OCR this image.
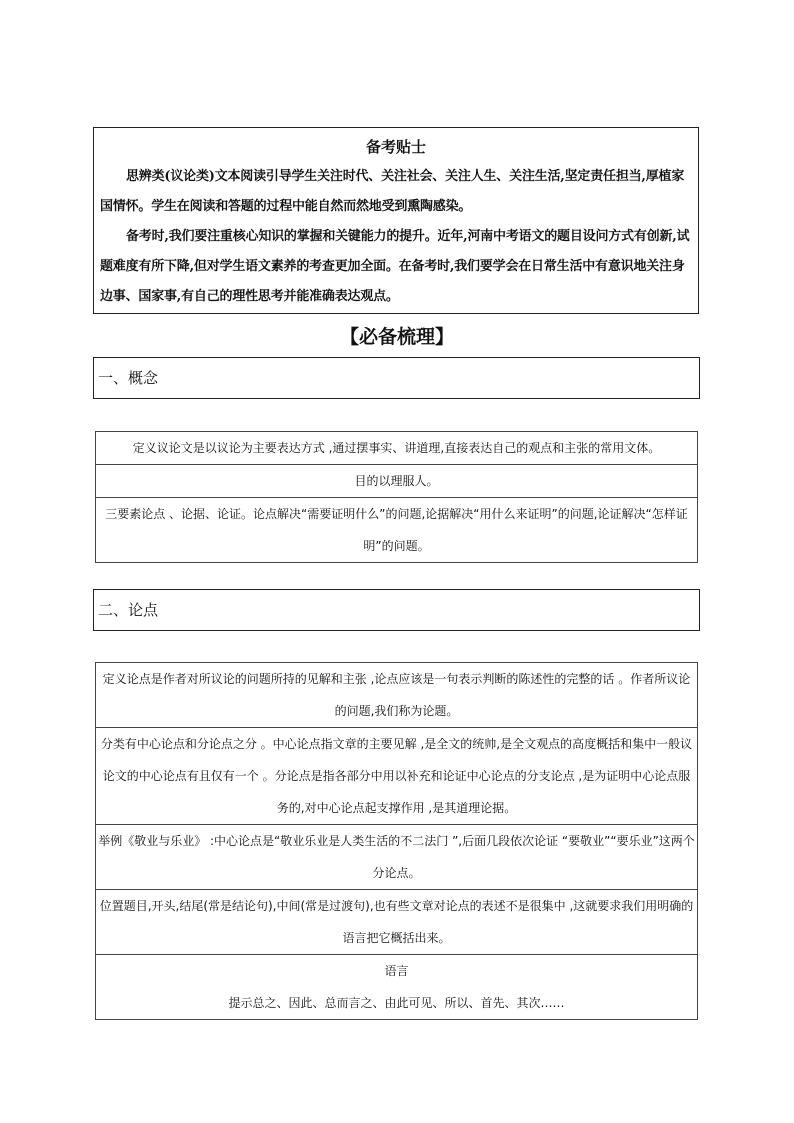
备考贴士

思辨类(议论类)文本阅读引导学生关注时代、关注社会、关注人生、关注生活,坚定责任担当,厚植家国情怀。学生在阅读和答题的过程中能自然而然地受到熏陶感染。

备考时,我们要注重核心知识的掌握和关键能力的提升。近年,河南中考语文的题目设问方式有创新,试题难度有所下降,但对学生语文素养的考查更加全面。在备考时,我们要学会在日常生活中有意识地关注身边事、国家事,有自己的理性思考并能准确表达观点。

【必备梳理】
一、概念
定义议论文是以议论为主要表达方式 ,通过摆事实、讲道理,直接表达自己的观点和主张的常用文体。
目的以理服人。
三要素论点 、论据、论证。论点解决“需要证明什么”的问题,论据解决“用什么来证明”的问题,论证解决“怎样证明”的问题。
二、论点
定义论点是作者对所议论的问题所持的见解和主张 ,论点应该是一句表示判断的陈述性的完整的话 。作者所议论的问题,我们称为论题。
分类有中心论点和分论点之分 。中心论点指文章的主要见解 ,是全文的统帅,是全文观点的高度概括和集中一般议论文的中心论点有且仅有一个 。分论点是指各部分中用以补充和论证中心论点的分支论点 ,是为证明中心论点服务的,对中心论点起支撑作用 ,是其道理论据。
举例《敬业与乐业》 :中心论点是“敬业乐业是人类生活的不二法门 ”,后面几段依次论证 “要敬业”“要乐业”这两个分论点。
位置题目,开头,结尾(常是结论句),中间(常是过渡句),也有些文章对论点的表述不是很集中 ,这就要求我们用明确的语言把它概括出来。

语言
提示总之、因此、总而言之、由此可见、所以、首先、其次……
